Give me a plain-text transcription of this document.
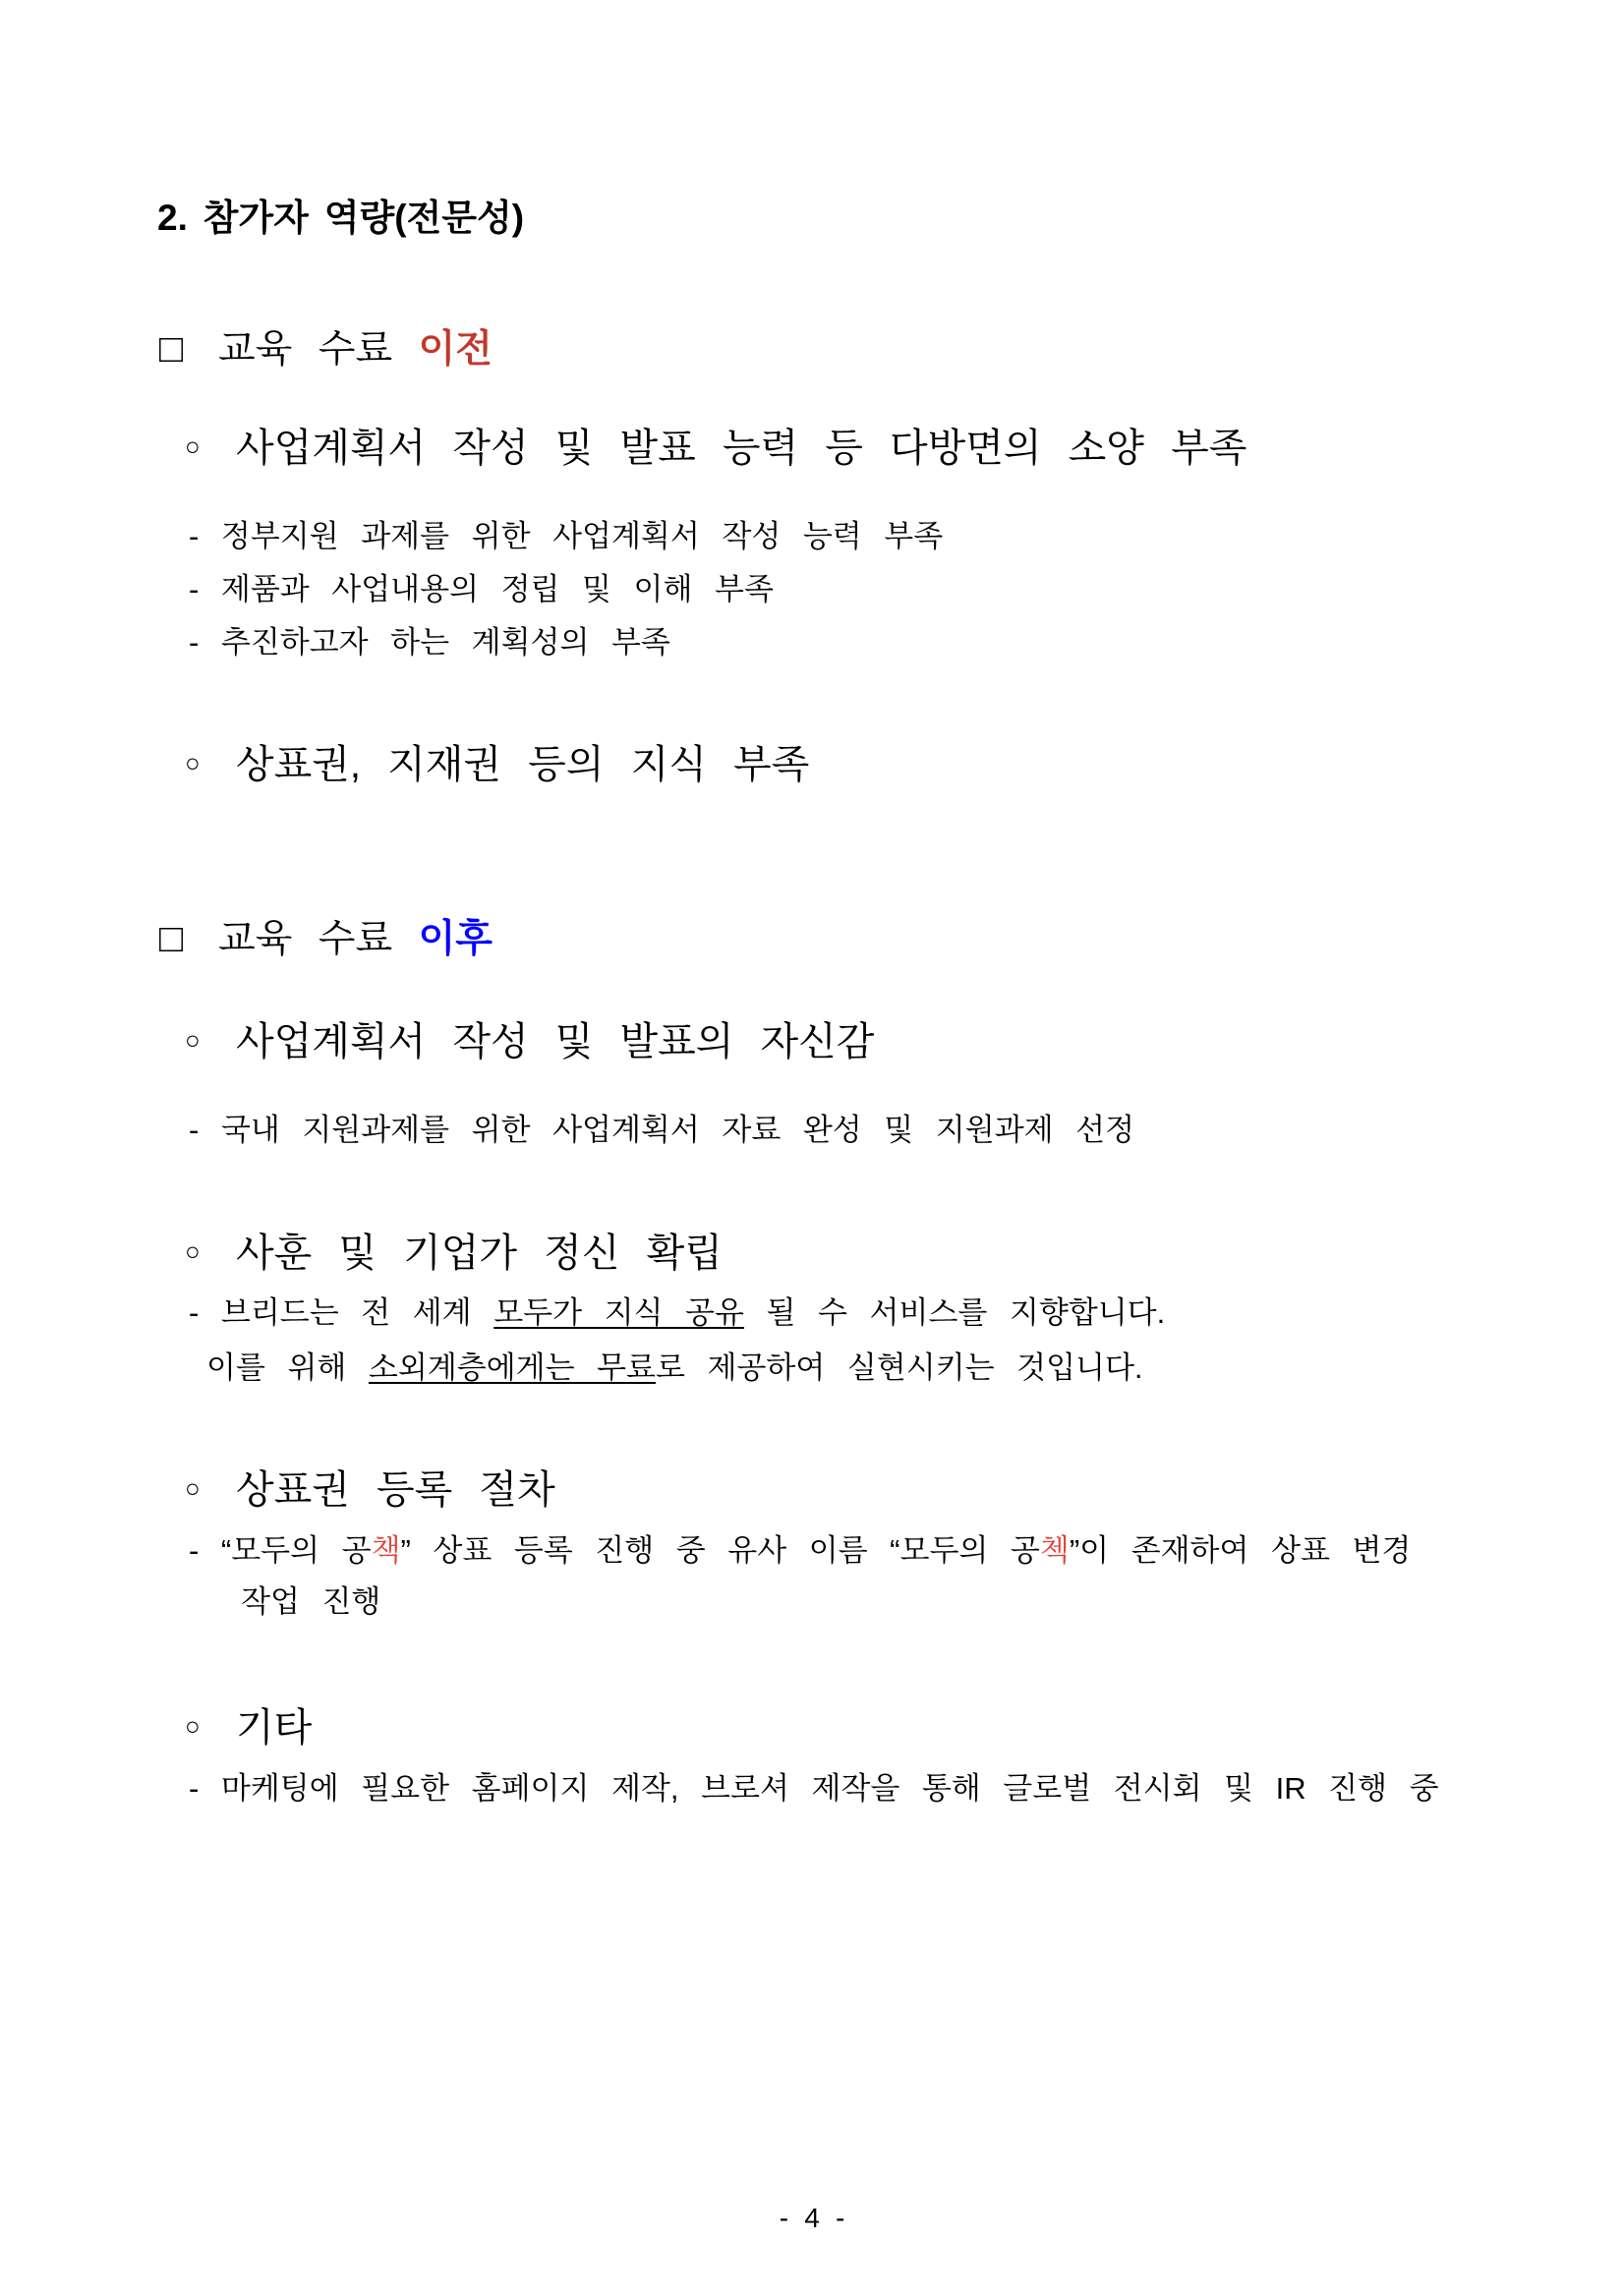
2. 참가자 역량(전문성)
□ 교육 수료 이전
○ 사업계획서 작성 및 발표 능력 등 다방면의 소양 부족
- 정부지원 과제를 위한 사업계획서 작성 능력 부족
- 제품과 사업내용의 정립 및 이해 부족
- 추진하고자 하는 계획성의 부족
○ 상표권, 지재권 등의 지식 부족
□ 교육 수료 이후
○ 사업계획서 작성 및 발표의 자신감
- 국내 지원과제를 위한 사업계획서 자료 완성 및 지원과제 선정
○ 사훈 및 기업가 정신 확립
- 브리드는 전 세계 모두가 지식 공유 될 수 서비스를 지향합니다.
이를 위해 소외계층에게는 무료로 제공하여 실현시키는 것입니다.
○ 상표권 등록 절차
- “모두의 공책” 상표 등록 진행 중 유사 이름 “모두의 공첵”이 존재하여 상표 변경
작업 진행
○ 기타
- 마케팅에 필요한 홈페이지 제작, 브로셔 제작을 통해 글로벌 전시회 및 IR 진행 중
- 4 -
